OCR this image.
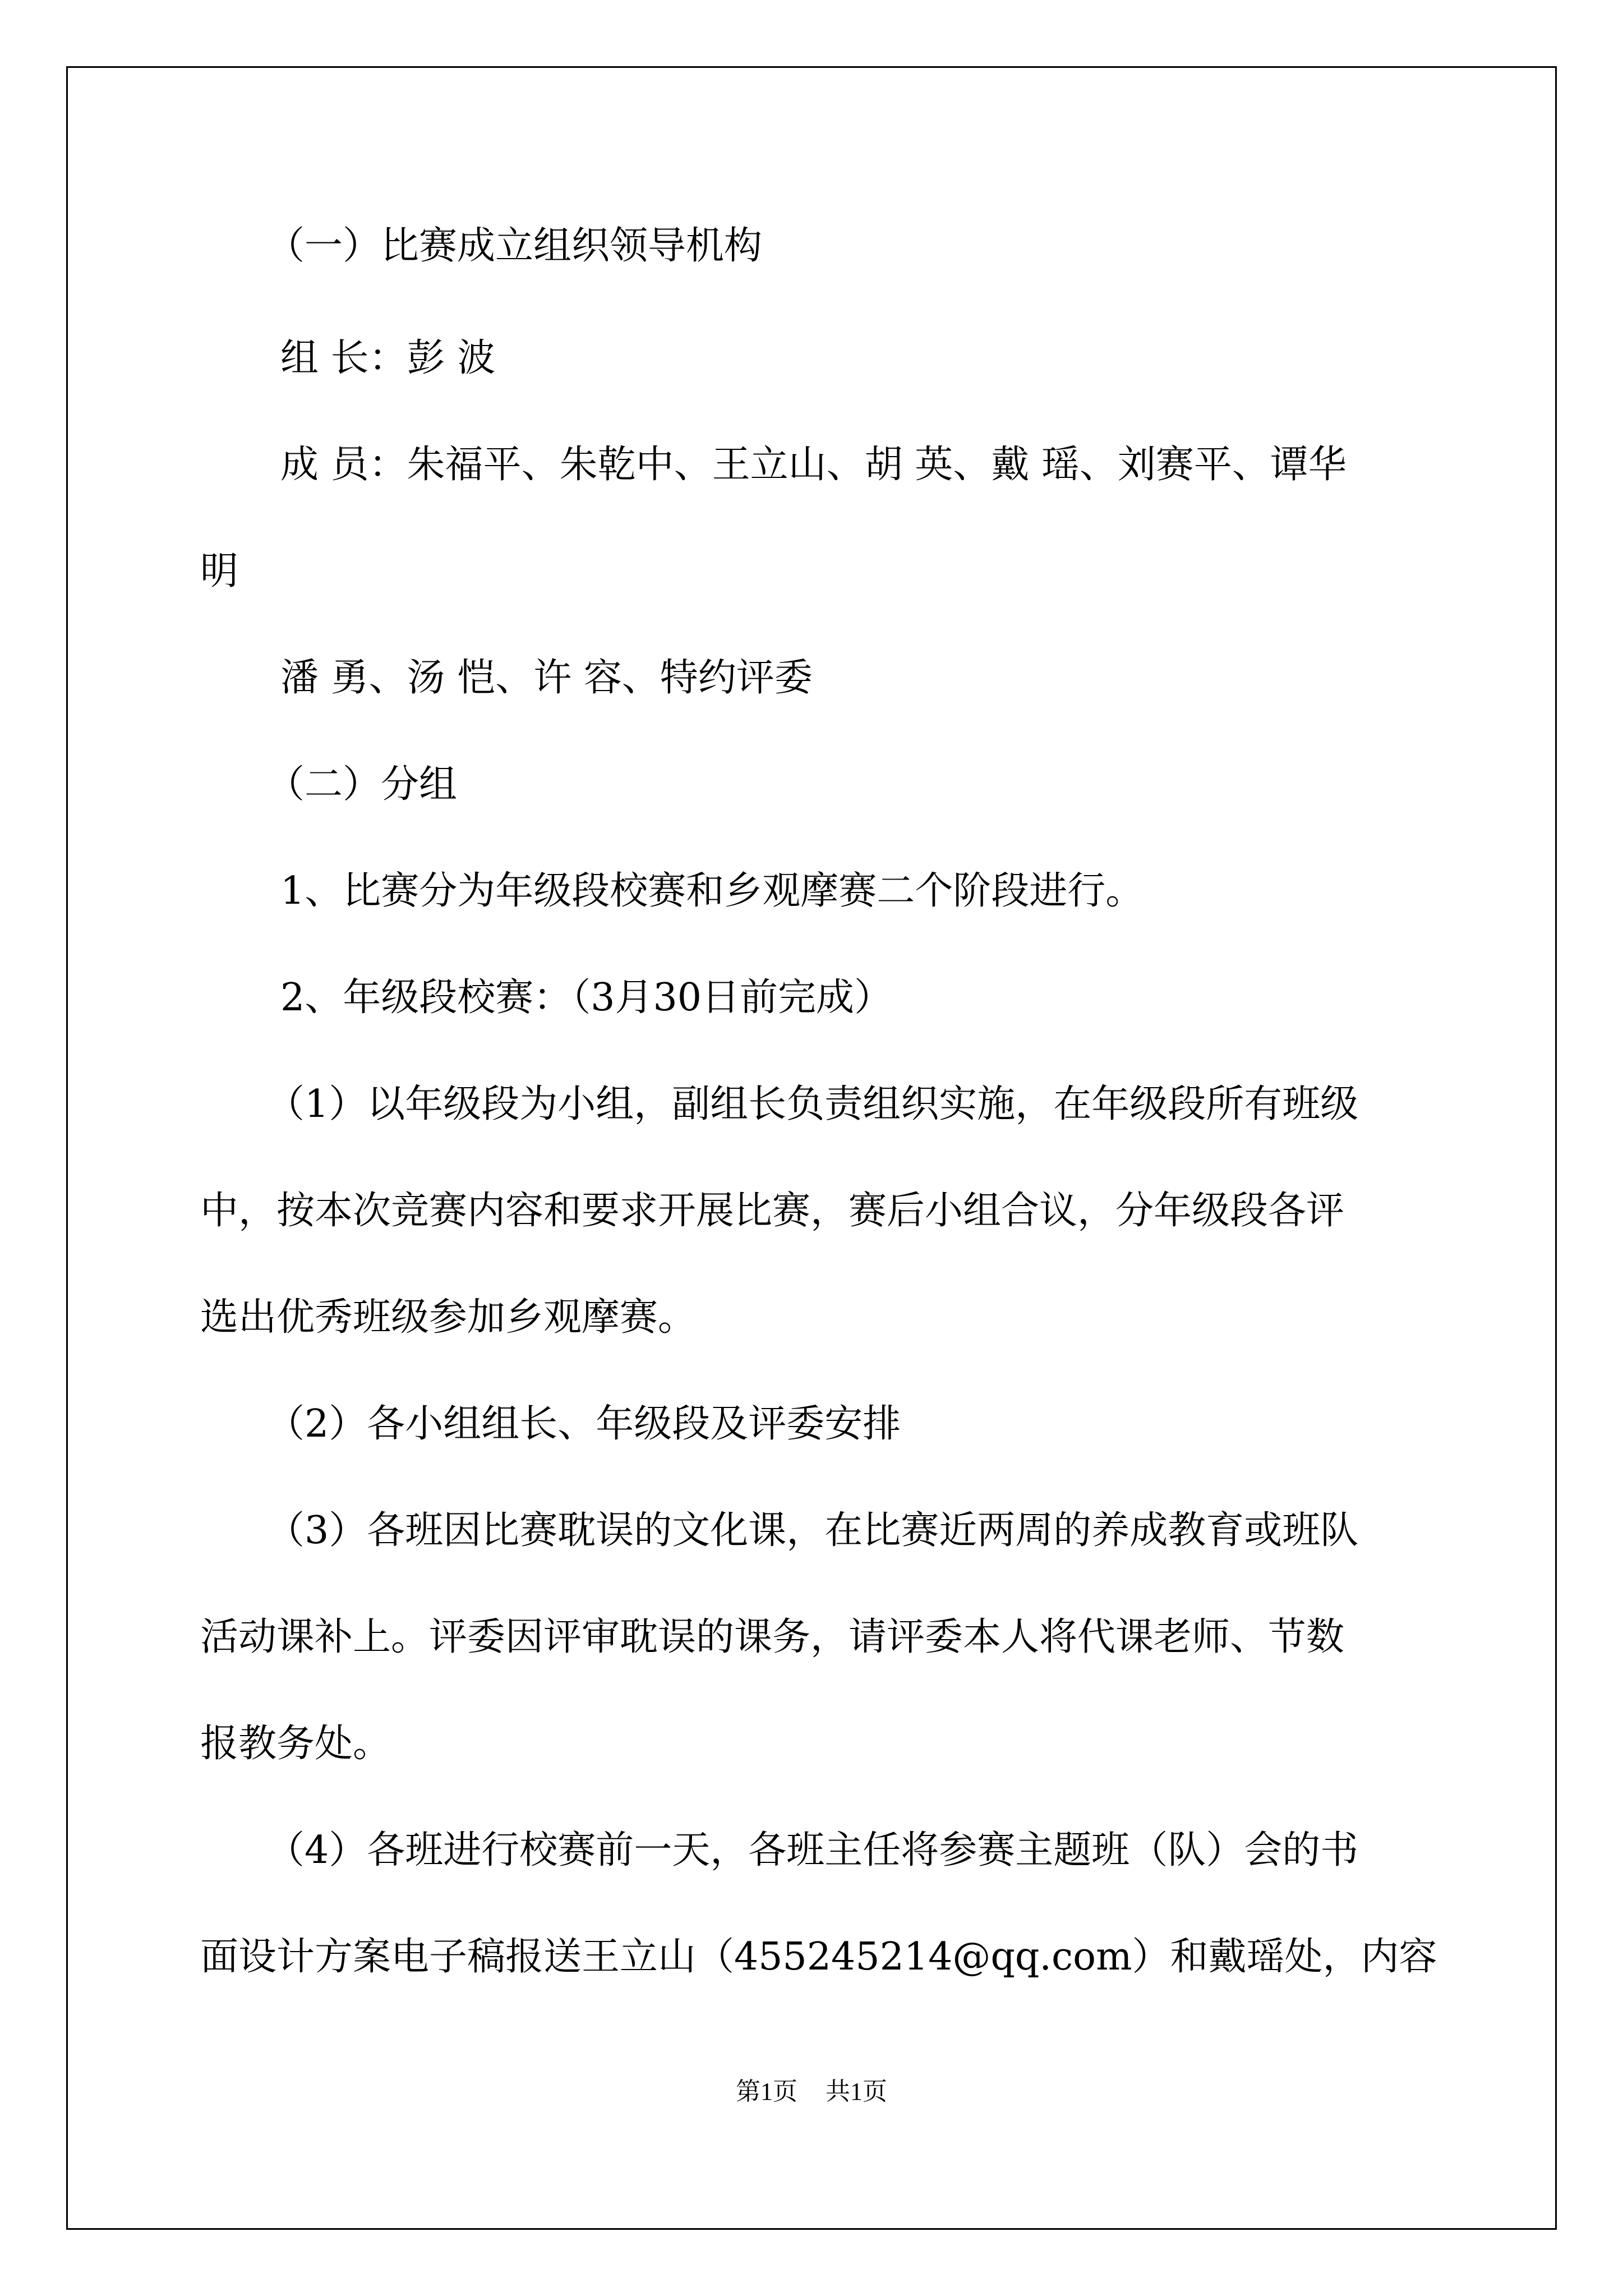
（一）比赛成立组织领导机构
组 长：彭 波
成 员：朱福平、朱乾中、王立山、胡 英、戴 瑶、刘赛平、谭华
明
潘 勇、汤 恺、许 容、特约评委
（二）分组
1、比赛分为年级段校赛和乡观摩赛二个阶段进行。
2、年级段校赛：（3月30日前完成）
（1）以年级段为小组，副组长负责组织实施，在年级段所有班级
中，按本次竞赛内容和要求开展比赛，赛后小组合议，分年级段各评
选出优秀班级参加乡观摩赛。
（2）各小组组长、年级段及评委安排
（3）各班因比赛耽误的文化课，在比赛近两周的养成教育或班队
活动课补上。评委因评审耽误的课务，请评委本人将代课老师、节数
报教务处。
（4）各班进行校赛前一天，各班主任将参赛主题班（队）会的书
面设计方案电子稿报送王立山（455245214@qq.com）和戴瑶处，内容
第1页 共1页
